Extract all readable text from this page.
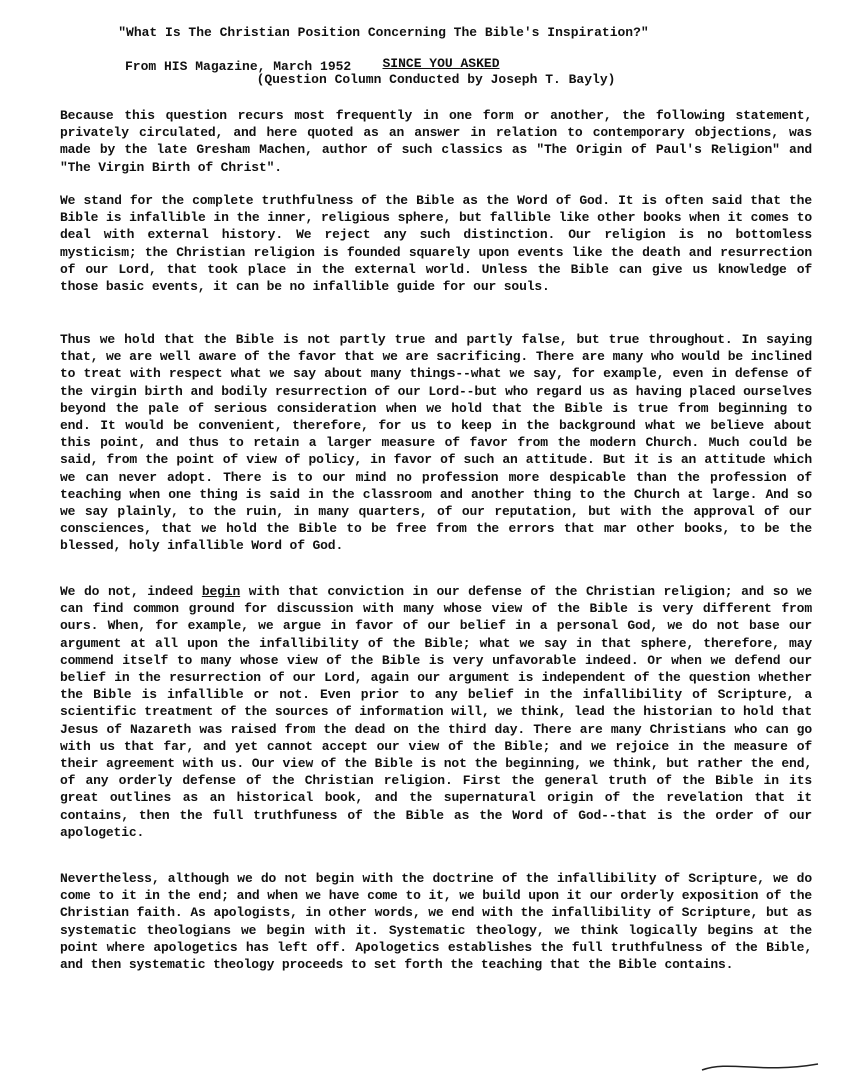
"What Is The Christian Position Concerning The Bible's Inspiration?"

From HIS Magazine, March 1952

	SINCE YOU ASKED
(Question Column Conducted by Joseph T. Bayly)
Because this question recurs most frequently in one form or another, the following statement, privately circulated, and here quoted as an answer in relation to contemporary objections, was made by the late Gresham Machen, author of such classics as "The Origin of Paul's Religion" and "The Virgin Birth of Christ".
We stand for the complete truthfulness of the Bible as the Word of God. It is often said that the Bible is infallible in the inner, religious sphere, but fallible like other books when it comes to deal with external history. We reject any such distinction. Our religion is no bottomless mysticism; the Christian religion is founded squarely upon events like the death and resurrection of our Lord, that took place in the external world. Unless the Bible can give us knowledge of those basic events, it can be no infallible guide for our souls.
Thus we hold that the Bible is not partly true and partly false, but true throughout. In saying that, we are well aware of the favor that we are sacrificing. There are many who would be inclined to treat with respect what we say about many things--what we say, for example, even in defense of the virgin birth and bodily resurrection of our Lord--but who regard us as having placed ourselves beyond the pale of serious consideration when we hold that the Bible is true from beginning to end. It would be convenient, therefore, for us to keep in the background what we believe about this point, and thus to retain a larger measure of favor from the modern Church. Much could be said, from the point of view of policy, in favor of such an attitude. But it is an attitude which we can never adopt. There is to our mind no profession more despicable than the profession of teaching when one thing is said in the classroom and another thing to the Church at large. And so we say plainly, to the ruin, in many quarters, of our reputation, but with the approval of our consciences, that we hold the Bible to be free from the errors that mar other books, to be the blessed, holy infallible Word of God.
We do not, indeed begin with that conviction in our defense of the Christian religion; and so we can find common ground for discussion with many whose view of the Bible is very different from ours. When, for example, we argue in favor of our belief in a personal God, we do not base our argument at all upon the infallibility of the Bible; what we say in that sphere, therefore, may commend itself to many whose view of the Bible is very unfavorable indeed. Or when we defend our belief in the resurrection of our Lord, again our argument is independent of the question whether the Bible is infallible or not. Even prior to any belief in the infallibility of Scripture, a scientific treatment of the sources of information will, we think, lead the historian to hold that Jesus of Nazareth was raised from the dead on the third day. There are many Christians who can go with us that far, and yet cannot accept our view of the Bible; and we rejoice in the measure of their agreement with us. Our view of the Bible is not the beginning, we think, but rather the end, of any orderly defense of the Christian religion. First the general truth of the Bible in its great outlines as an historical book, and the supernatural origin of the revelation that it contains, then the full truthfuness of the Bible as the Word of God--that is the order of our apologetic.
Nevertheless, although we do not begin with the doctrine of the infallibility of Scripture, we do come to it in the end; and when we have come to it, we build upon it our orderly exposition of the Christian faith. As apologists, in other words, we end with the infallibility of Scripture, but as systematic theologians we begin with it. Systematic theology, we think logically begins at the point where apologetics has left off. Apologetics establishes the full truthfulness of the Bible, and then systematic theology proceeds to set forth the teaching that the Bible contains.
